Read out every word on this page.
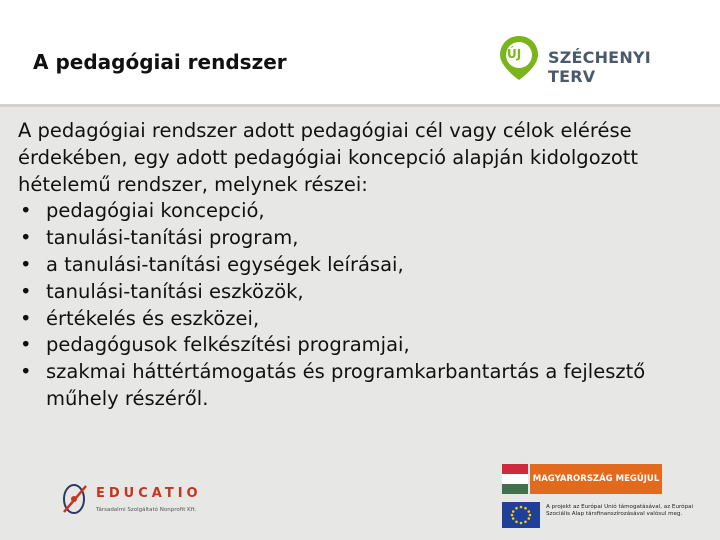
A pedagógiai rendszer	ÚJ SZÉCHENYI TERV

A pedagógiai rendszer adott pedagógiai cél vagy célok elérése érdekében, egy adott pedagógiai koncepció alapján kidolgozott hételemű rendszer, melynek részei:

• pedagógiai koncepció,
• tanulási-tanítási program,
• a tanulási-tanítási egységek leírásai,
• tanulási-tanítási eszközök,
• értékelés és eszközei,
• pedagógusok felkészítési programjai,
• szakmai háttértámogatás és programkarbantartás a fejlesztő műhely részéről.
EDUCATIO
Társadalmi Szolgáltató Nonprofit Kft.
MAGYARORSZÁG MEGÚJUL
A projekt az Európai Unió támogatásával, az Európai Szociális Alap társfinanszírozásával valósul meg.
